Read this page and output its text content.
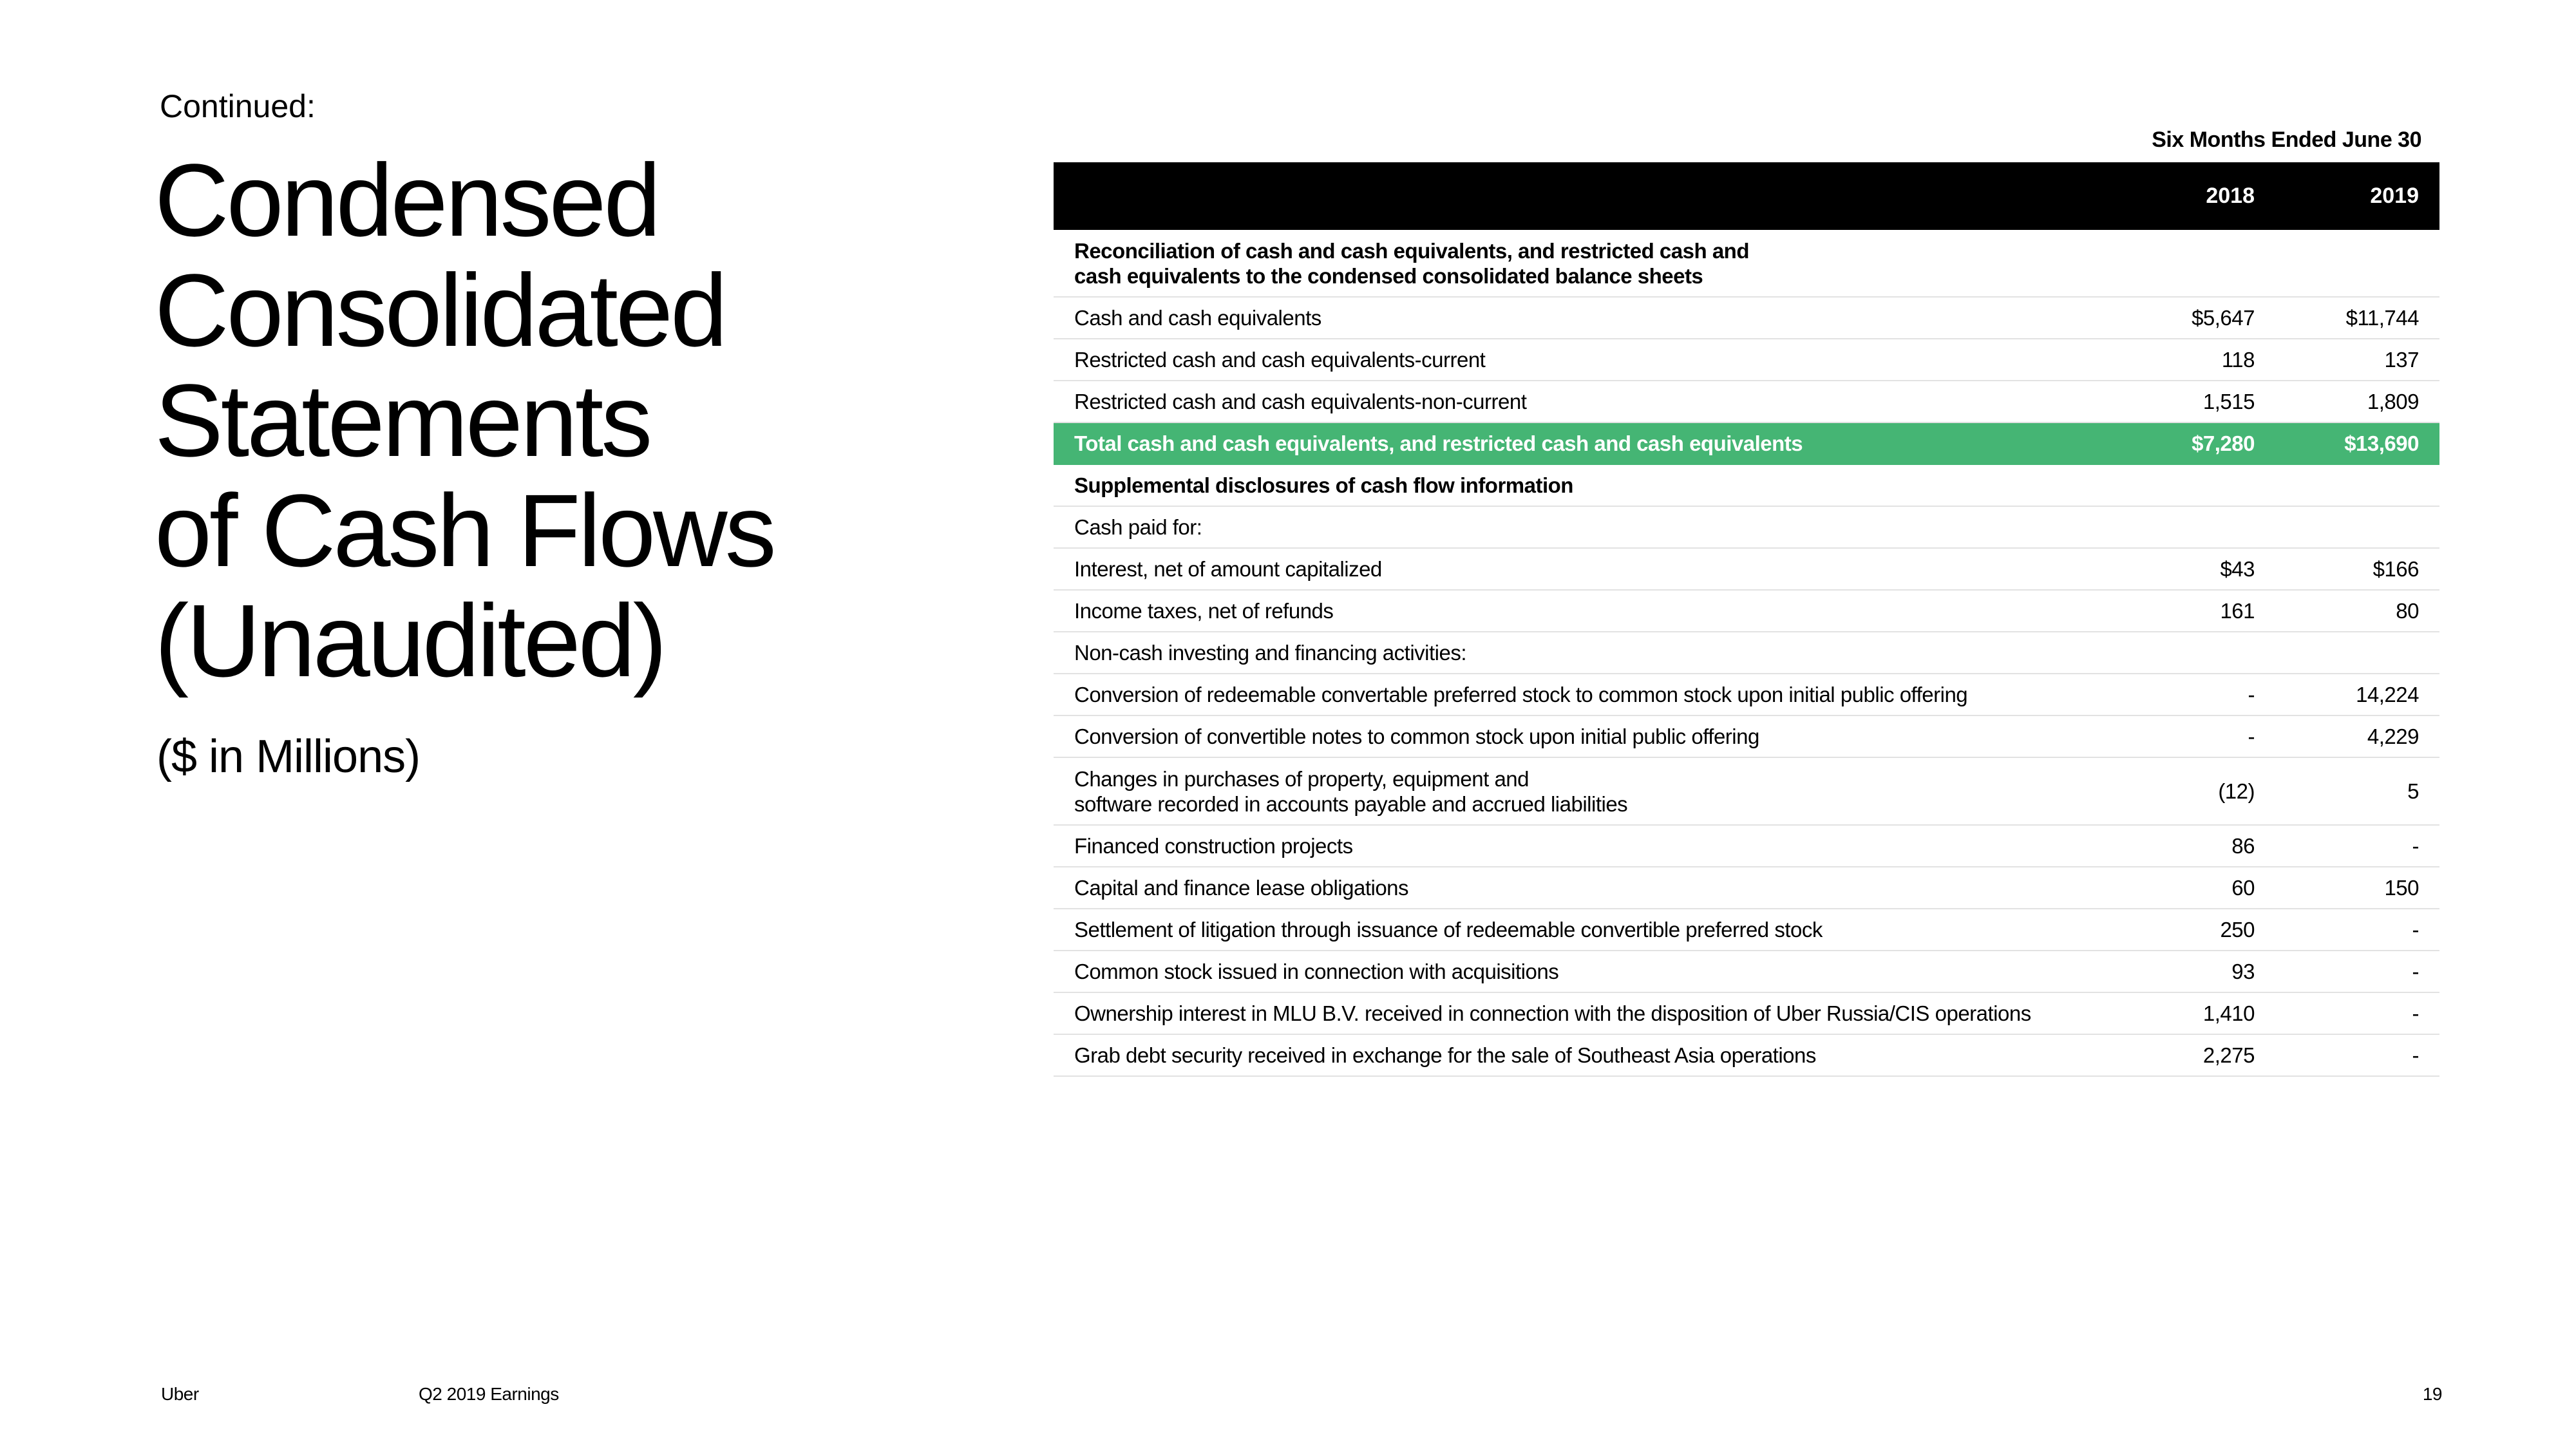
Continued:
Condensed
Consolidated
Statements
of Cash Flows
(Unaudited)
($ in Millions)
Six Months Ended June 30
2018	2019
Reconciliation of cash and cash equivalents, and restricted cash and
cash equivalents to the condensed consolidated balance sheets
Cash and cash equivalents	$5,647	$11,744
Restricted cash and cash equivalents-current	118	137
Restricted cash and cash equivalents-non-current	1,515	1,809
Total cash and cash equivalents, and restricted cash and cash equivalents	$7,280	$13,690
Supplemental disclosures of cash flow information
Cash paid for:
Interest, net of amount capitalized	$43	$166
Income taxes, net of refunds	161	80
Non-cash investing and financing activities:
Conversion of redeemable convertable preferred stock to common stock upon initial public offering	-	14,224
Conversion of convertible notes to common stock upon initial public offering	-	4,229
Changes in purchases of property, equipment and
software recorded in accounts payable and accrued liabilities
(12)	5
Financed construction projects	86	-
Capital and finance lease obligations	60	150
Settlement of litigation through issuance of redeemable convertible preferred stock	250	-
Common stock issued in connection with acquisitions	93	-
Ownership interest in MLU B.V. received in connection with the disposition of Uber Russia/CIS operations	1,410	-
Grab debt security received in exchange for the sale of Southeast Asia operations	2,275	-
Uber	Q2 2019 Earnings	19
